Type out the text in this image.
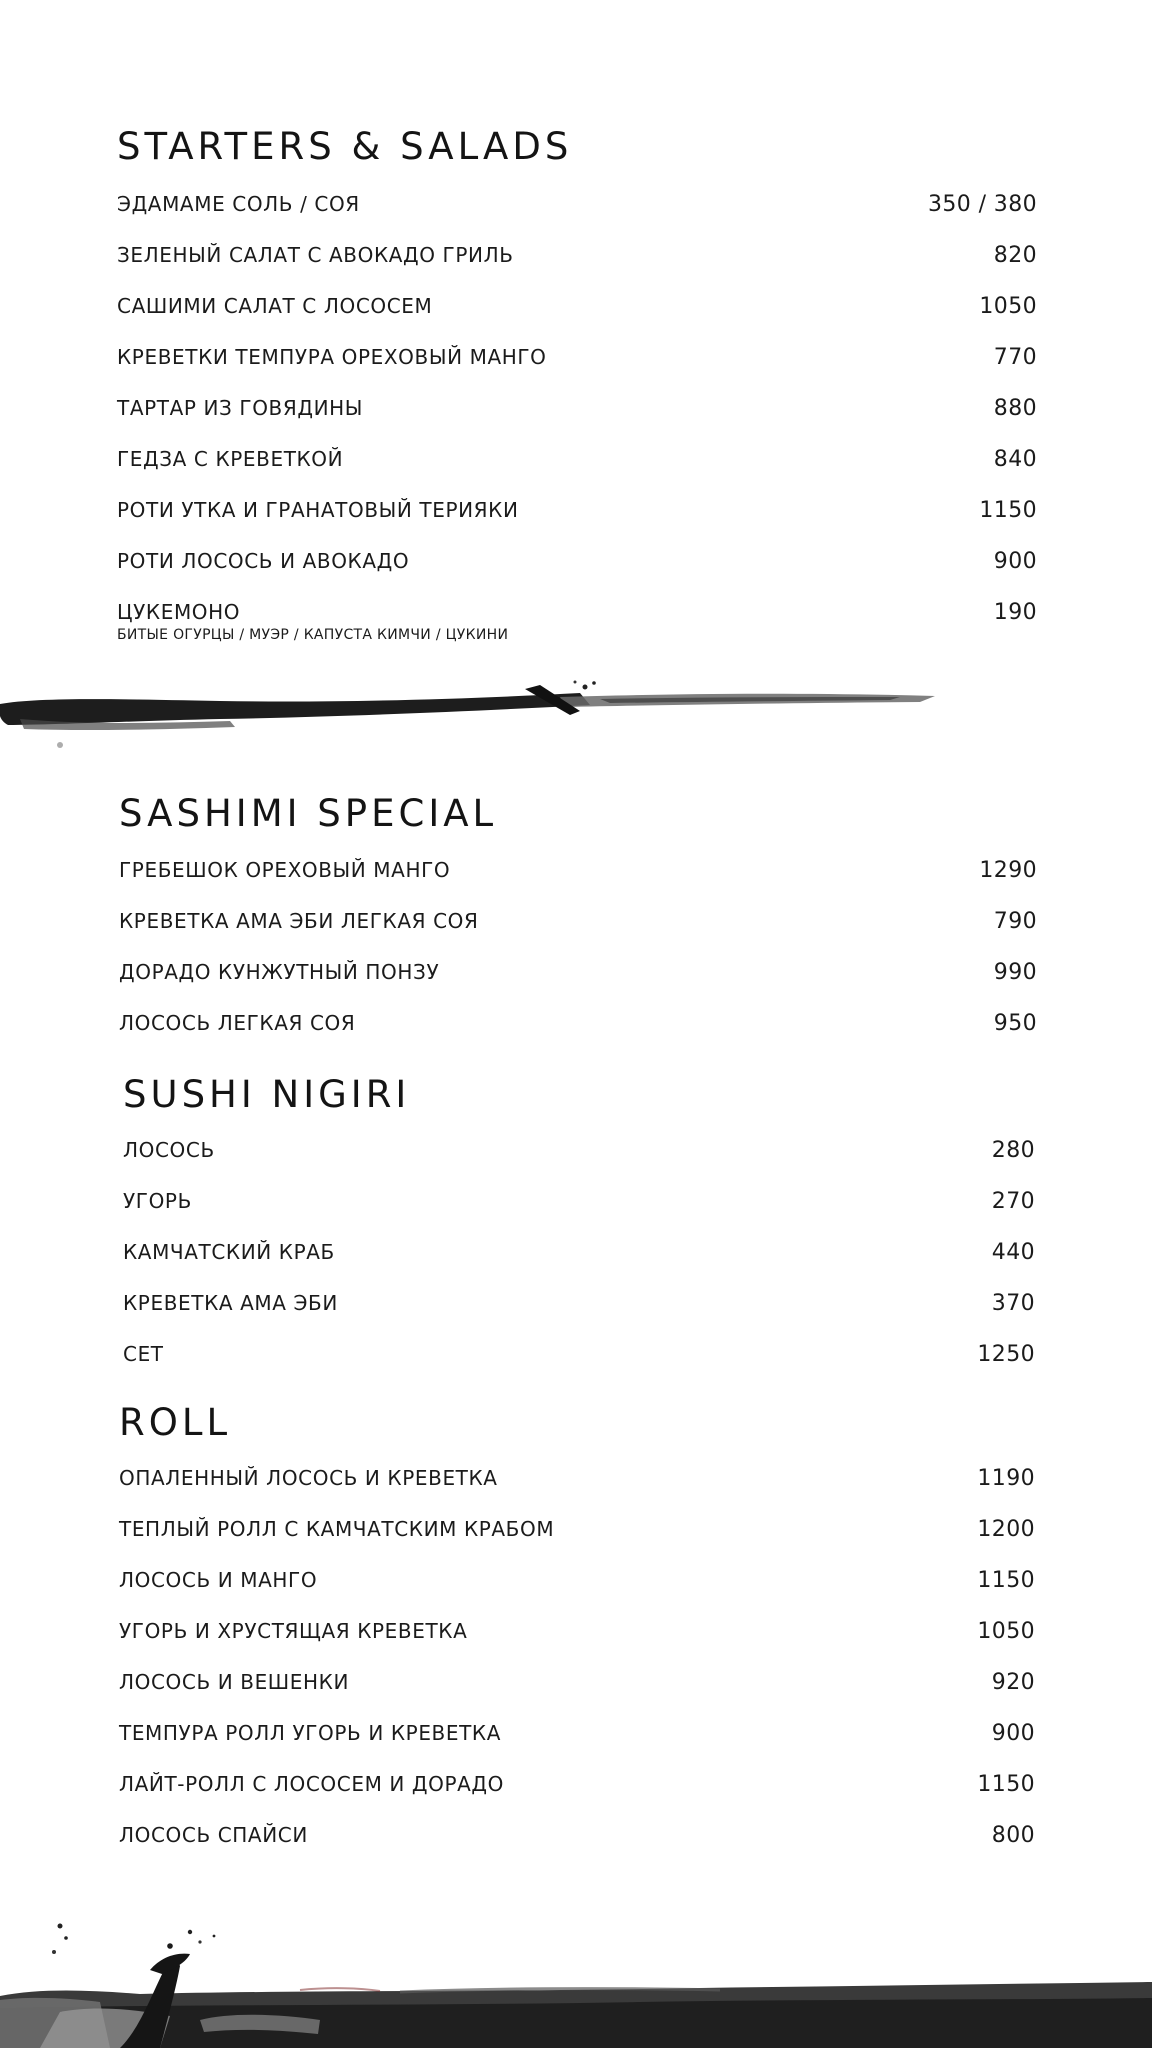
STARTERS & SALADS
ЭДАМАМЕ СОЛЬ / СОЯ	350 / 380
ЗЕЛЕНЫЙ САЛАТ С АВОКАДО ГРИЛЬ	820
САШИМИ САЛАТ С ЛОСОСЕМ	1050
КРЕВЕТКИ ТЕМПУРА ОРЕХОВЫЙ МАНГО	770
ТАРТАР ИЗ ГОВЯДИНЫ	880
ГЕДЗА С КРЕВЕТКОЙ	840
РОТИ УТКА И ГРАНАТОВЫЙ ТЕРИЯКИ	1150
РОТИ ЛОСОСЬ И АВОКАДО	900
ЦУКЕМОНО	190
БИТЫЕ ОГУРЦЫ / МУЭР / КАПУСТА КИМЧИ / ЦУКИНИ
SASHIMI SPECIAL
ГРЕБЕШОК ОРЕХОВЫЙ МАНГО	1290
КРЕВЕТКА АМА ЭБИ ЛЕГКАЯ СОЯ	790
ДОРАДО КУНЖУТНЫЙ ПОНЗУ	990
ЛОСОСЬ ЛЕГКАЯ СОЯ	950
SUSHI NIGIRI
ЛОСОСЬ	280
УГОРЬ	270
КАМЧАТСКИЙ КРАБ	440
КРЕВЕТКА АМА ЭБИ	370
СЕТ	1250
ROLL
ОПАЛЕННЫЙ ЛОСОСЬ И КРЕВЕТКА	1190
ТЕПЛЫЙ РОЛЛ С КАМЧАТСКИМ КРАБОМ	1200
ЛОСОСЬ И МАНГО	1150
УГОРЬ И ХРУСТЯЩАЯ КРЕВЕТКА	1050
ЛОСОСЬ И ВЕШЕНКИ	920
ТЕМПУРА РОЛЛ УГОРЬ И КРЕВЕТКА	900
ЛАЙТ-РОЛЛ С ЛОСОСЕМ И ДОРАДО	1150
ЛОСОСЬ СПАЙСИ	800
